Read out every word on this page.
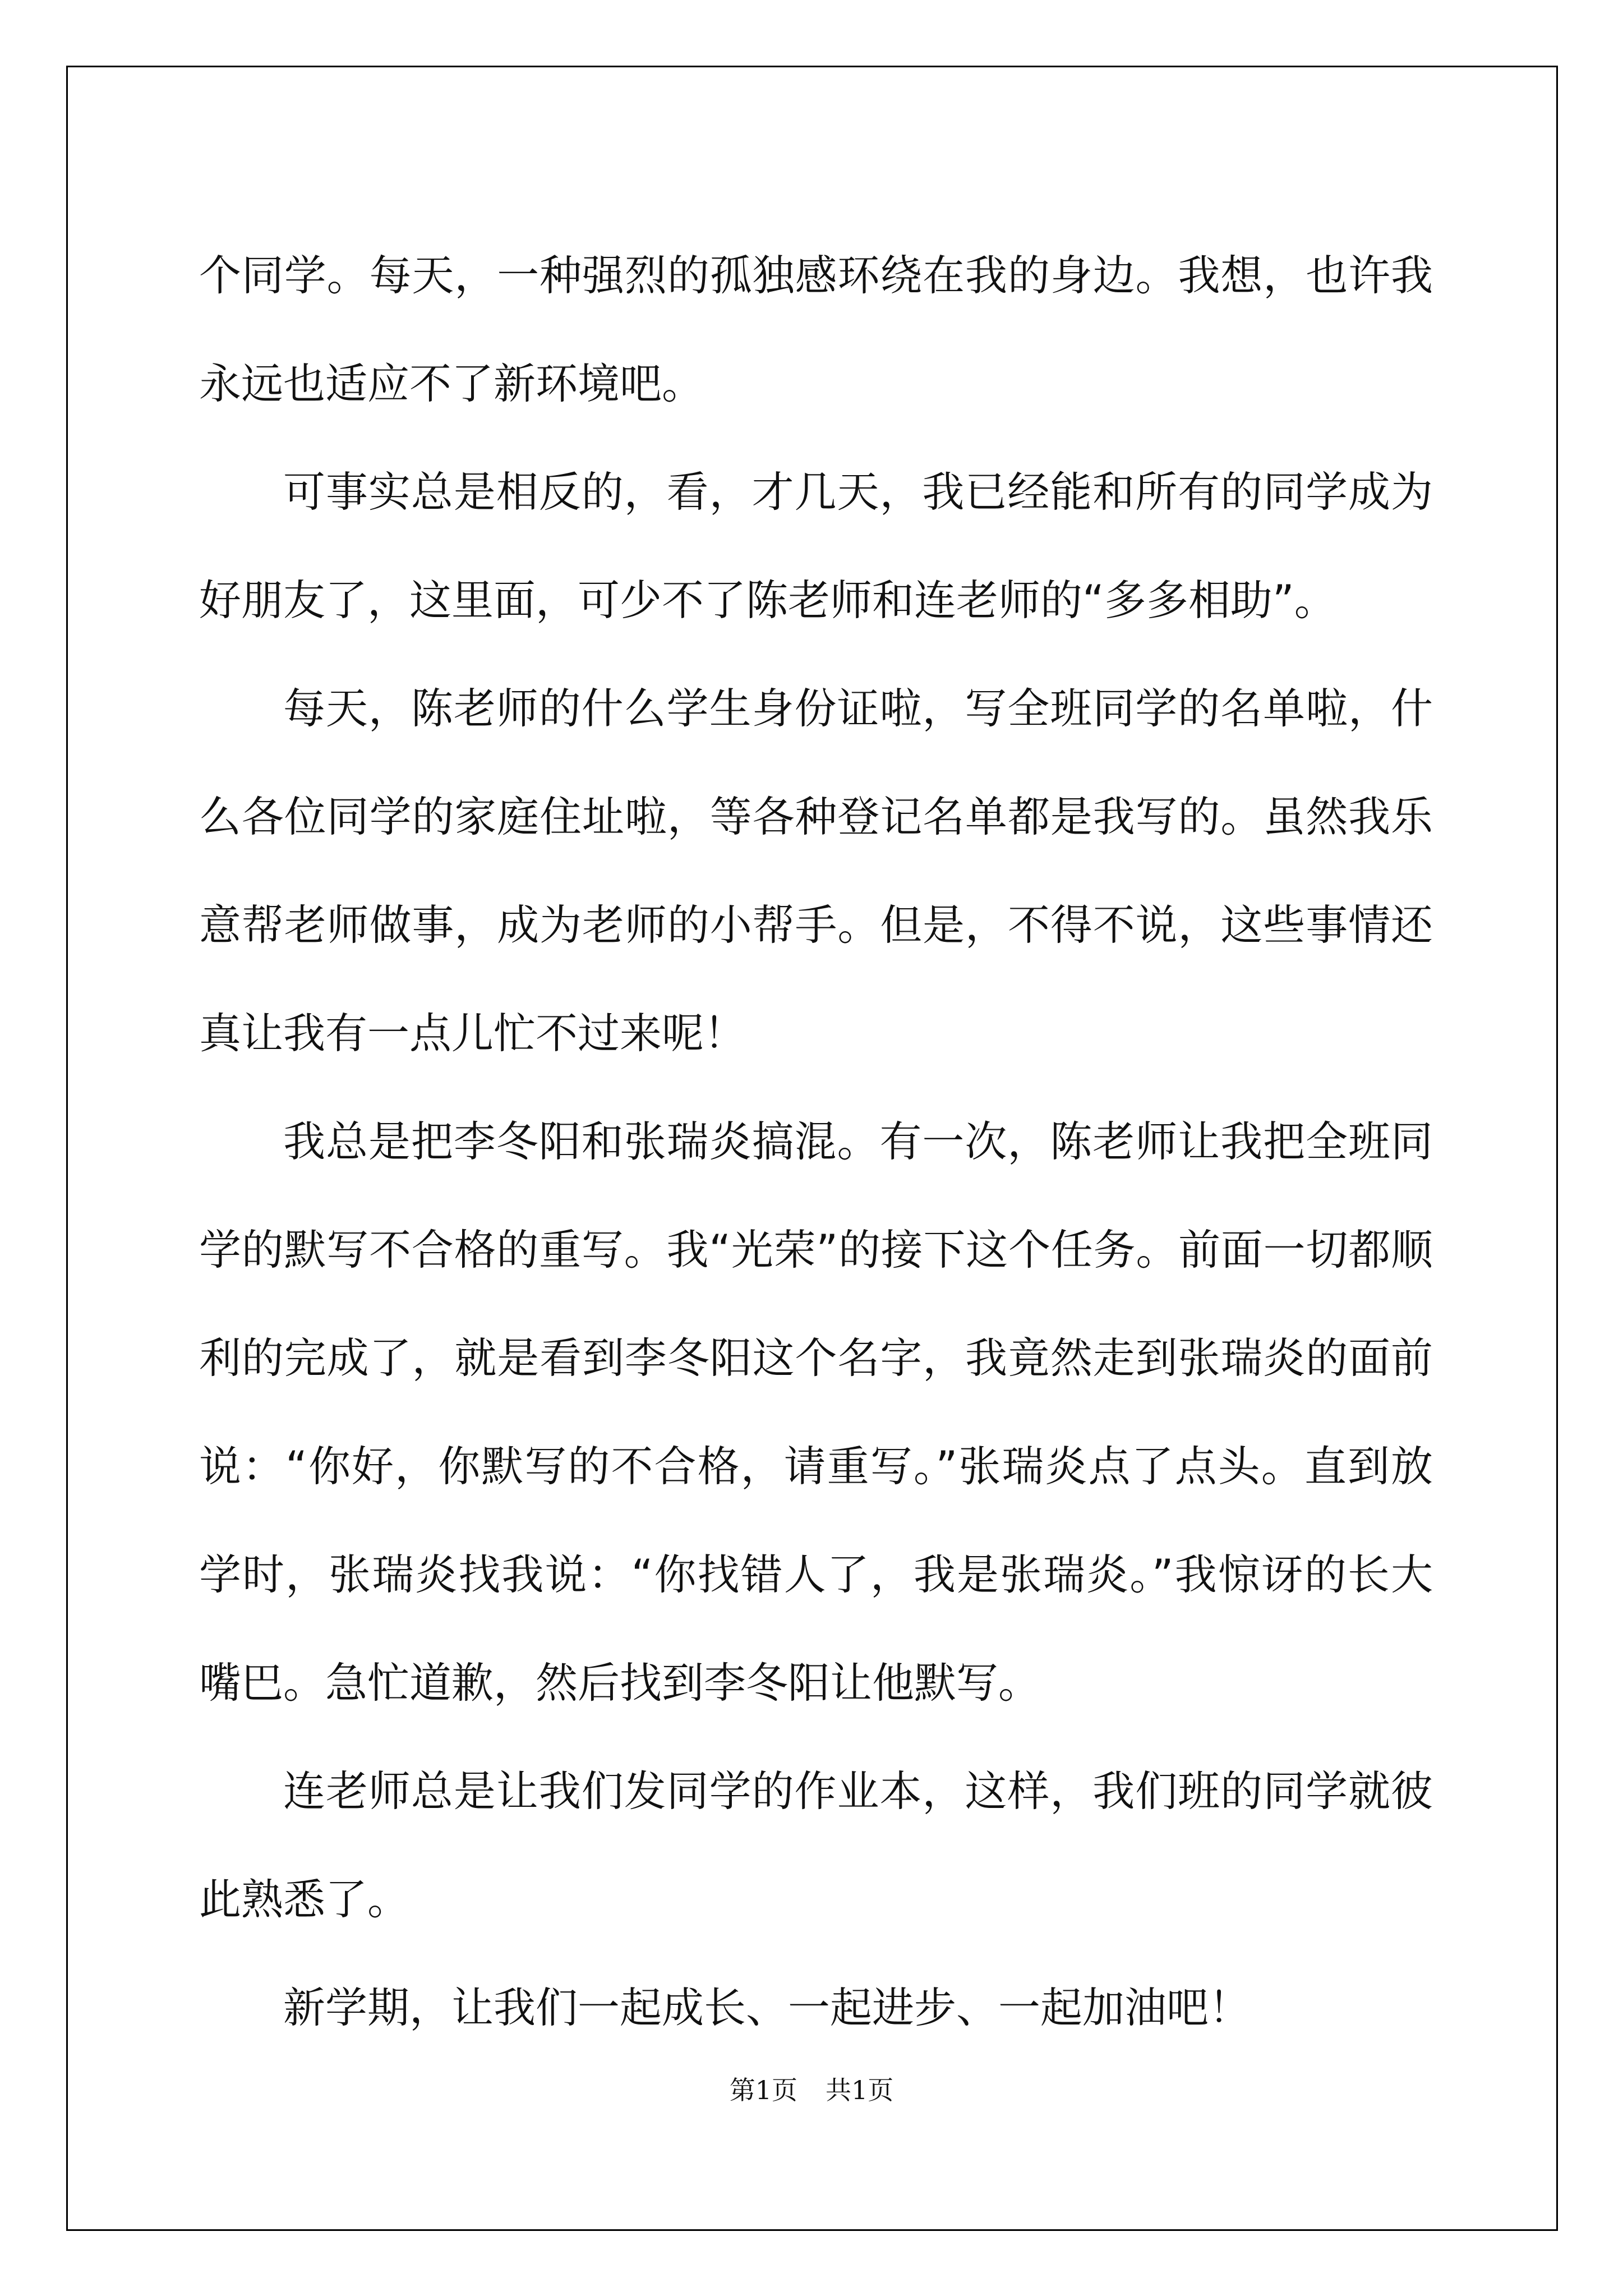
个同学。每天，一种强烈的孤独感环绕在我的身边。我想，也许我永远也适应不了新环境吧。

可事实总是相反的，看，才几天，我已经能和所有的同学成为好朋友了，这里面，可少不了陈老师和连老师的“多多相助”。

每天，陈老师的什么学生身份证啦，写全班同学的名单啦，什么各位同学的家庭住址啦，等各种登记名单都是我写的。虽然我乐意帮老师做事，成为老师的小帮手。但是，不得不说，这些事情还真让我有一点儿忙不过来呢！

我总是把李冬阳和张瑞炎搞混。有一次，陈老师让我把全班同学的默写不合格的重写。我“光荣”的接下这个任务。前面一切都顺利的完成了，就是看到李冬阳这个名字，我竟然走到张瑞炎的面前说：“你好，你默写的不合格，请重写。”张瑞炎点了点头。直到放学时，张瑞炎找我说：“你找错人了，我是张瑞炎。”我惊讶的长大嘴巴。急忙道歉，然后找到李冬阳让他默写。

连老师总是让我们发同学的作业本，这样，我们班的同学就彼此熟悉了。

新学期，让我们一起成长、一起进步、一起加油吧！

第1页 共1页
